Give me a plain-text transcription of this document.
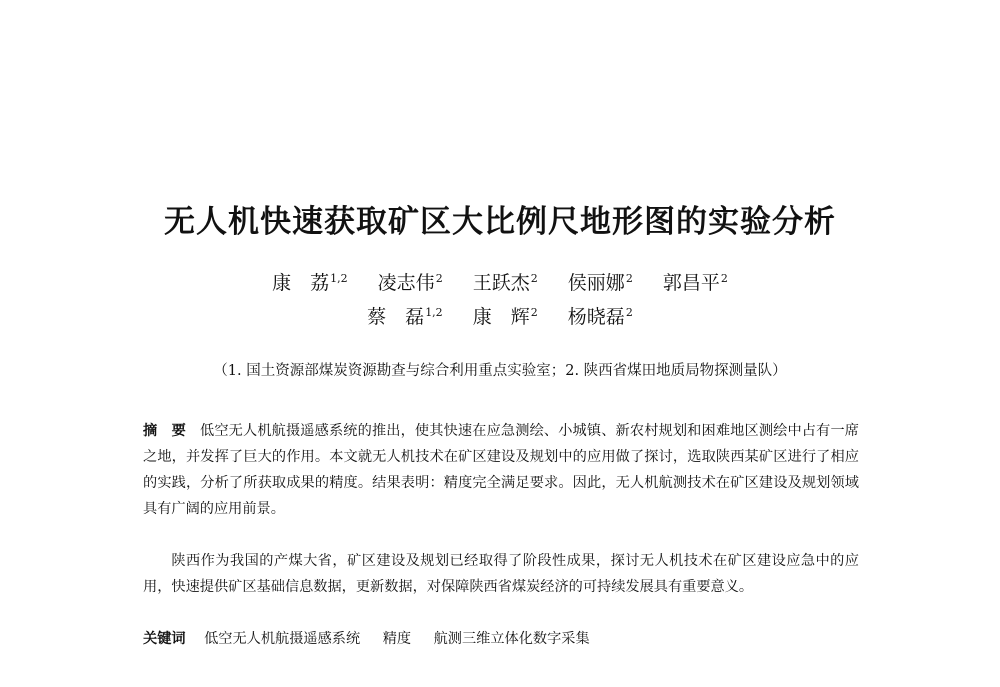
无人机快速获取矿区大比例尺地形图的实验分析
康　荔$^{1,2}$ 凌志伟$^2$ 王跃杰$^2$ 侯丽娜$^2$ 郭昌平$^2$
蔡　磊$^{1,2}$ 康　辉$^2$ 杨晓磊$^2$
（1. 国土资源部煤炭资源勘查与综合利用重点实验室；2. 陕西省煤田地质局物探测量队）
摘　要 低空无人机航摄遥感系统的推出，使其快速在应急测绘、小城镇、新农村规划和困难地区测绘中占有一席之地，并发挥了巨大的作用。本文就无人机技术在矿区建设及规划中的应用做了探讨，选取陕西某矿区进行了相应的实践，分析了所获取成果的精度。结果表明：精度完全满足要求。因此，无人机航测技术在矿区建设及规划领域具有广阔的应用前景。
陕西作为我国的产煤大省，矿区建设及规划已经取得了阶段性成果，探讨无人机技术在矿区建设应急中的应用，快速提供矿区基础信息数据，更新数据，对保障陕西省煤炭经济的可持续发展具有重要意义。
关键词 低空无人机航摄遥感系统 精度 航测三维立体化数字采集
